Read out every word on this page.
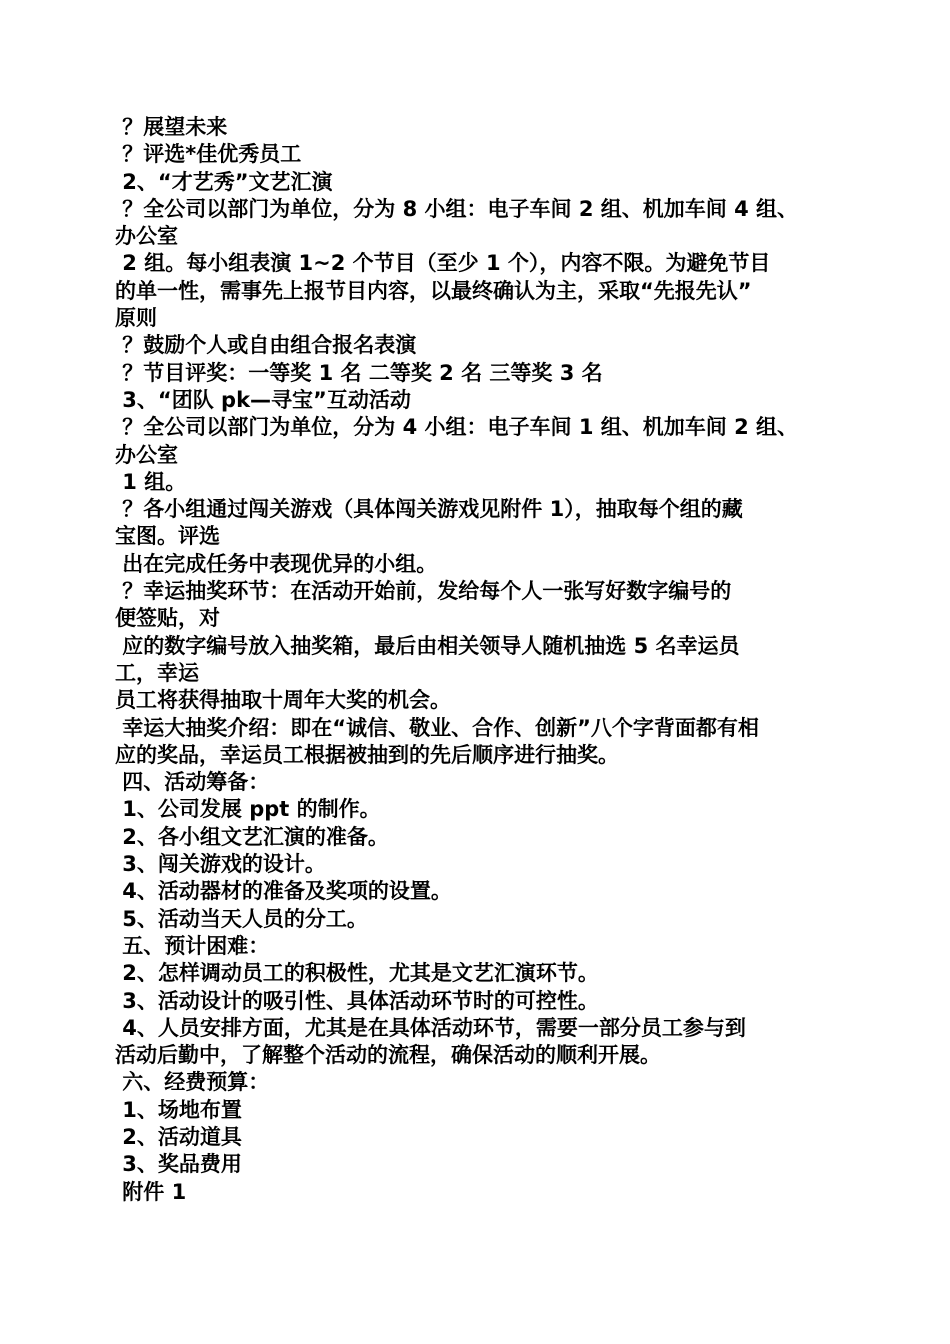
？展望未来

？评选*佳优秀员工

2、“才艺秀”文艺汇演

？全公司以部门为单位，分为 8 小组：电子车间 2 组、机加车间 4 组、

办公室

2 组。每小组表演 1~2 个节目（至少 1 个），内容不限。为避免节目

的单一性，需事先上报节目内容，以最终确认为主，采取“先报先认”

原则

？鼓励个人或自由组合报名表演

？节目评奖：一等奖 1 名 二等奖 2 名 三等奖 3 名

3、“团队 pk—寻宝”互动活动

？全公司以部门为单位，分为 4 小组：电子车间 1 组、机加车间 2 组、

办公室

1 组。

？各小组通过闯关游戏（具体闯关游戏见附件 1），抽取每个组的藏

宝图。评选

出在完成任务中表现优异的小组。

？幸运抽奖环节：在活动开始前，发给每个人一张写好数字编号的

便签贴，对

应的数字编号放入抽奖箱，最后由相关领导人随机抽选 5 名幸运员

工，幸运

员工将获得抽取十周年大奖的机会。

幸运大抽奖介绍：即在“诚信、敬业、合作、创新”八个字背面都有相

应的奖品，幸运员工根据被抽到的先后顺序进行抽奖。

四、活动筹备：

1、公司发展 ppt 的制作。

2、各小组文艺汇演的准备。

3、闯关游戏的设计。

4、活动器材的准备及奖项的设置。

5、活动当天人员的分工。

五、预计困难：

2、怎样调动员工的积极性，尤其是文艺汇演环节。

3、活动设计的吸引性、具体活动环节时的可控性。

4、人员安排方面，尤其是在具体活动环节，需要一部分员工参与到

活动后勤中，了解整个活动的流程，确保活动的顺利开展。

六、经费预算：

1、场地布置

2、活动道具

3、奖品费用

附件 1
